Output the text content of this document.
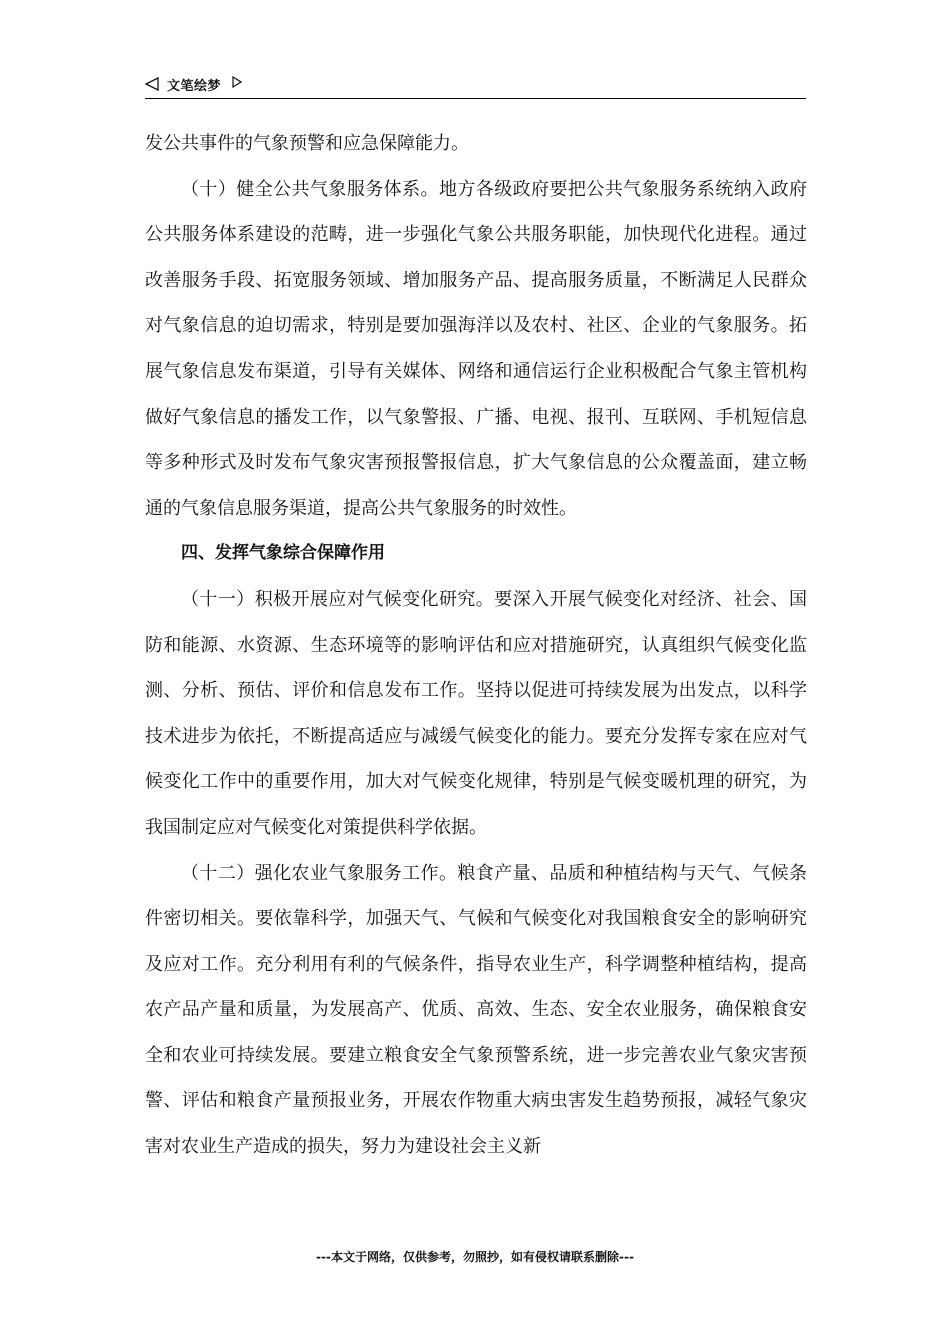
文笔绘梦

发公共事件的气象预警和应急保障能力。

（十）健全公共气象服务体系。地方各级政府要把公共气象服务系统纳入政府公共服务体系建设的范畴，进一步强化气象公共服务职能，加快现代化进程。通过改善服务手段、拓宽服务领域、增加服务产品、提高服务质量，不断满足人民群众对气象信息的迫切需求，特别是要加强海洋以及农村、社区、企业的气象服务。拓展气象信息发布渠道，引导有关媒体、网络和通信运行企业积极配合气象主管机构做好气象信息的播发工作，以气象警报、广播、电视、报刊、互联网、手机短信息等多种形式及时发布气象灾害预报警报信息，扩大气象信息的公众覆盖面，建立畅通的气象信息服务渠道，提高公共气象服务的时效性。

四、发挥气象综合保障作用

（十一）积极开展应对气候变化研究。要深入开展气候变化对经济、社会、国防和能源、水资源、生态环境等的影响评估和应对措施研究，认真组织气候变化监测、分析、预估、评价和信息发布工作。坚持以促进可持续发展为出发点，以科学技术进步为依托，不断提高适应与减缓气候变化的能力。要充分发挥专家在应对气候变化工作中的重要作用，加大对气候变化规律，特别是气候变暖机理的研究，为我国制定应对气候变化对策提供科学依据。

（十二）强化农业气象服务工作。粮食产量、品质和种植结构与天气、气候条件密切相关。要依靠科学，加强天气、气候和气候变化对我国粮食安全的影响研究及应对工作。充分利用有利的气候条件，指导农业生产，科学调整种植结构，提高农产品产量和质量，为发展高产、优质、高效、生态、安全农业服务，确保粮食安全和农业可持续发展。要建立粮食安全气象预警系统，进一步完善农业气象灾害预警、评估和粮食产量预报业务，开展农作物重大病虫害发生趋势预报，减轻气象灾害对农业生产造成的损失，努力为建设社会主义新

---本文于网络，仅供参考，勿照抄，如有侵权请联系删除---
